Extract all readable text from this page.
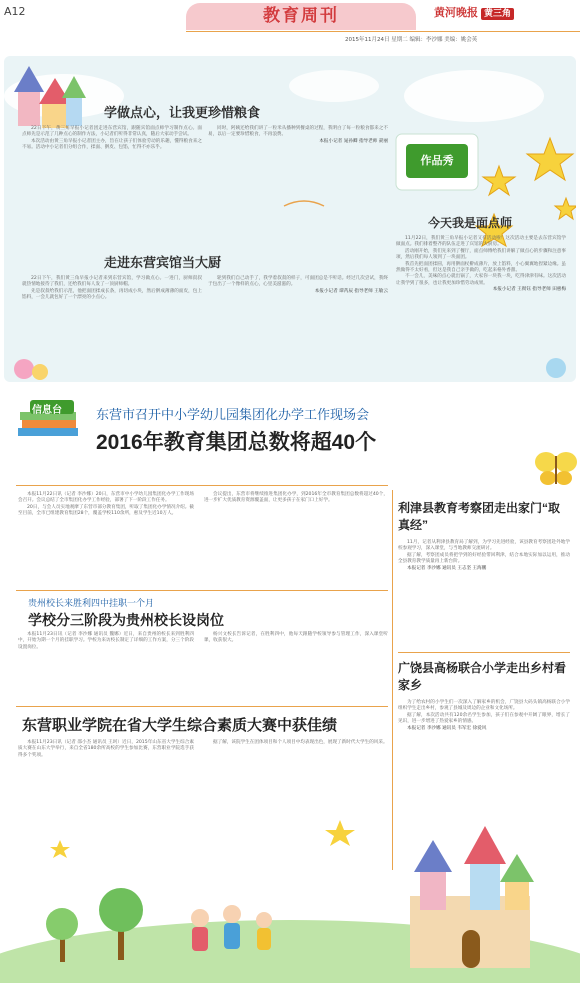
A12	教育周刊	黄河晚报 黄三角
2015年11月24日 星期二 编辑：李沙娜 美编：姚会英
学做点心，让我更珍惜粮食

22日下午，黄三角早报小记者团走进东营宾馆，跟随宾馆面点师学习制作点心。面点师先是示范了几种点心的制作方法，小记者们听得非常认真，随后大家动手尝试。

本次活动由黄三角早报小记者团主办，旨在让孩子们体验劳动的乐趣，懂得粮食来之不易。活动中小记者们分组合作，揉面、擀皮、包馅，忙得不亦乐乎。

同时，阿姨还给我们讲了一粒米从播种到餐桌的过程，我明白了每一粒粮食都来之不易，以后一定要珍惜粮食，不再浪费。

本报小记者 晁孙卿 指导老师 聂丽

走进东营宾馆当大厨

22日下午，我们黄三角早报小记者来到东营宾馆，学习做点心。一进门，厨师叔叔就热情地接待了我们，还给我们每人发了一顶厨师帽。

先是叔叔给我们示范，他把面团揉成长条，再切成小块，然后擀成薄薄的面皮，包上馅料，一会儿就包好了一个漂亮的小点心。

轮到我们自己动手了，我学着叔叔的样子，可面团总是不听话。经过几次尝试，我终于包出了一个像样的点心，心里美滋滋的。

本报小记者 谭芮辰 指导老师 王敏云

作品秀
今天我是面点师

11月22日，我们黄三角早报小记者又有活动啦！这次活动主要是去东营宾馆学做面点。我们排着整齐的队伍走进了宾馆的大厨房。

活动刚开始，我们先来到了餐厅，面点师傅给我们讲解了做点心的步骤和注意事项，然后我们每人领到了一块面团。

我首先把面团揉圆，再用擀面杖擀成薄片，放上馅料，小心翼翼地捏紧边缘。虽然做得不太好看，但这是我自己亲手做的，吃起来格外香甜。

不一会儿，美味的点心就出锅了，大家你一块我一块，吃得津津有味。这次活动让我学到了很多，也让我更加珍惜劳动成果。

本报小记者 王彻钰 指导老师 田惠梅

信息台	东营市召开中小学幼儿园集团化办学工作现场会
2016年教育集团总数将超40个

本报11月22日讯（记者 李沙娜）20日，东营市中小学幼儿园集团化办学工作现场会召开。会议总结了全市集团化办学工作经验，部署了下一阶段工作任务。

20日，与会人员实地观摩了东营市部分教育集团，听取了集团化办学情况介绍。截至目前，全市已组建教育集团28个，覆盖学校110余所，惠及学生近10万人。

会议提出，东营市将继续推进集团化办学，到2016年全市教育集团总数将超过40个，进一步扩大优质教育资源覆盖面，让更多孩子在家门口上好学。

贵州校长来胜利四中挂职一个月
学校分三阶段为贵州校长设岗位

本报11月23日讯（记者 李沙娜 通讯员 魏娜）近日，来自贵州的校长来到胜利四中，开始为期一个月的挂职学习。学校为来访校长制定了详细的工作方案，分三个阶段设置岗位。

杨兴文校长告诉记者，在胜利四中，他每天跟随学校领导参与管理工作，深入课堂听课，收获很大。

东营职业学院在省大学生综合素质大赛中获佳绩

本报11月23日讯（记者 邵小杰 通讯员 王珂）近日，2015年山东省大学生综合素质大赛在山东大学举行，来自全省180余所高校的学生参加比赛，东营职业学院选手获得多个奖项。

据了解，该院学生在团体项目和个人项目中均表现出色，展现了新时代大学生的风采。

利津县教育考察团走出家门“取真经”

11月，记者从利津县教育局了解到，为学习先进经验，该县教育考察团赴外地学校参观学习，深入课堂，与当地教师交流研讨。

据了解，考察团成员将把学到的好经验带回利津，结合本地实际加以运用，推动全县教育教学质量再上新台阶。

本报记者 李沙娜 通讯员 王志坚 王海鹏

广饶县高杨联合小学走出乡村看家乡

为了给农村的小学生们一次深入了解家乡的机会，广饶县大码头镇高杨联合小学组织学生走出乡村，参观了县城及周边的企业和文化场所。

据了解，本次活动共有120余名学生参加，孩子们在参观中开阔了眼界，增长了见识，进一步增进了热爱家乡的情感。

本报记者 李沙娜 通讯员 韦军宏 徐爱风
